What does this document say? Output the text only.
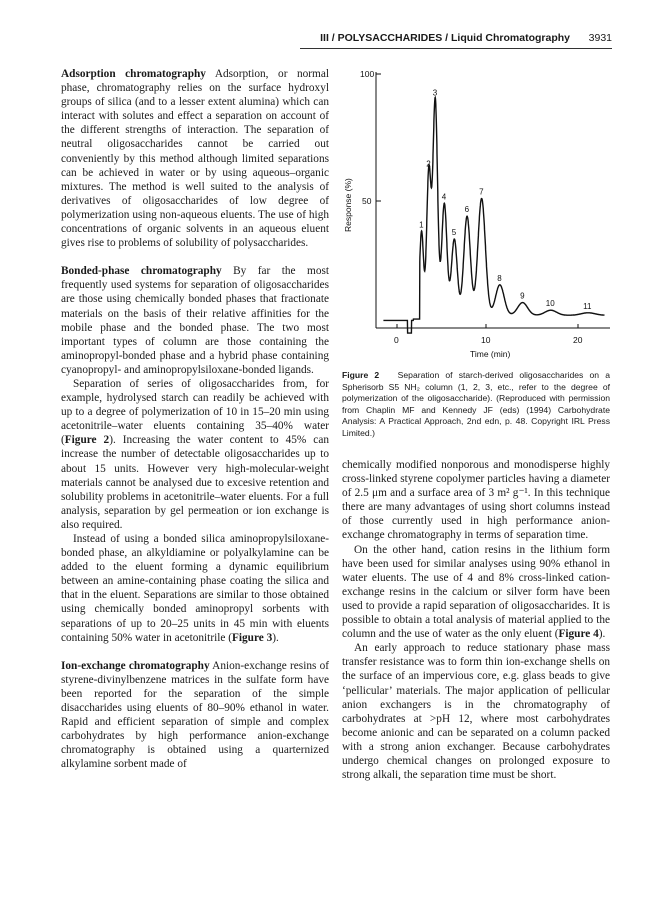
III / POLYSACCHARIDES / Liquid Chromatography 3931

Adsorption chromatography Adsorption, or normal phase, chromatography relies on the surface hydroxyl groups of silica (and to a lesser extent alumina) which can interact with solutes and effect a separation on account of the different strengths of interaction. The separation of neutral oligosaccharides cannot be carried out conveniently by this method although limited separations can be achieved in water or by using aqueous–organic mixtures. The method is well suited to the analysis of derivatives of oligosaccharides of low degree of polymerization using non-aqueous eluents. The use of high concentrations of organic solvents in an aqueous eluent gives rise to problems of solubility of polysaccharides.

Bonded-phase chromatography By far the most frequently used systems for separation of oligosaccharides are those using chemically bonded phases that fractionate materials on the basis of their relative affinities for the mobile phase and the bonded phase. The two most important types of column are those containing the aminopropyl-bonded phase and a hybrid phase containing cyanopropyl- and aminopropylsiloxane-bonded ligands.

Separation of series of oligosaccharides from, for example, hydrolysed starch can readily be achieved with up to a degree of polymerization of 10 in 15–20 min using acetonitrile–water eluents containing 35–40% water (Figure 2). Increasing the water content to 45% can increase the number of detectable oligosaccharides up to about 15 units. However very high-molecular-weight materials cannot be analysed due to excesive retention and solubility problems in acetonitrile–water eluents. For a full analysis, separation by gel permeation or ion exchange is also required.

Instead of using a bonded silica aminopropylsiloxane-bonded phase, an alkyldiamine or polyalkylamine can be added to the eluent forming a dynamic equilibrium between an amine-containing phase coating the silica and that in the eluent. Separations are similar to those obtained using chemically bonded aminopropyl sorbents with separations of up to 20–25 units in 45 min with eluents containing 50% water in acetonitrile (Figure 3).

Ion-exchange chromatography Anion-exchange resins of styrene-divinylbenzene matrices in the sulfate form have been reported for the separation of the simple disaccharides using eluents of 80–90% ethanol in water. Rapid and efficient separation of simple and complex carbohydrates by high performance anion-exchange chromatography is obtained using a quarternized alkylamine sorbent made of

100
50
0	10	20
Time (min)
Response (%)	1
2
3
4
5
6
7
8
9
10	11
Figure 2 Separation of starch-derived oligosaccharides on a Spherisorb S5 NH₂ column (1, 2, 3, etc., refer to the degree of polymerization of the oligosaccharide). (Reproduced with permission from Chaplin MF and Kennedy JF (eds) (1994) Carbohydrate Analysis: A Practical Approach, 2nd edn, p. 48. Copyright IRL Press Limited.)

chemically modified nonporous and monodisperse highly cross-linked styrene copolymer particles having a diameter of 2.5 μm and a surface area of 3 m² g⁻¹. In this technique there are many advantages of using short columns instead of those currently used in high performance anion-exchange chromatography in terms of separation time.

On the other hand, cation resins in the lithium form have been used for similar analyses using 90% ethanol in water eluents. The use of 4 and 8% cross-linked cation-exchange resins in the calcium or silver form have been used to provide a rapid separation of oligosaccharides. It is possible to obtain a total analysis of material applied to the column and the use of water as the only eluent (Figure 4).

An early approach to reduce stationary phase mass transfer resistance was to form thin ion-exchange shells on the surface of an impervious core, e.g. glass beads to give ‘pellicular’ materials. The major application of pellicular anion exchangers is in the chromatography of carbohydrates at >pH 12, where most carbohydrates become anionic and can be separated on a column packed with a strong anion exchanger. Because carbohydrates undergo chemical changes on prolonged exposure to strong alkali, the separation time must be short.
